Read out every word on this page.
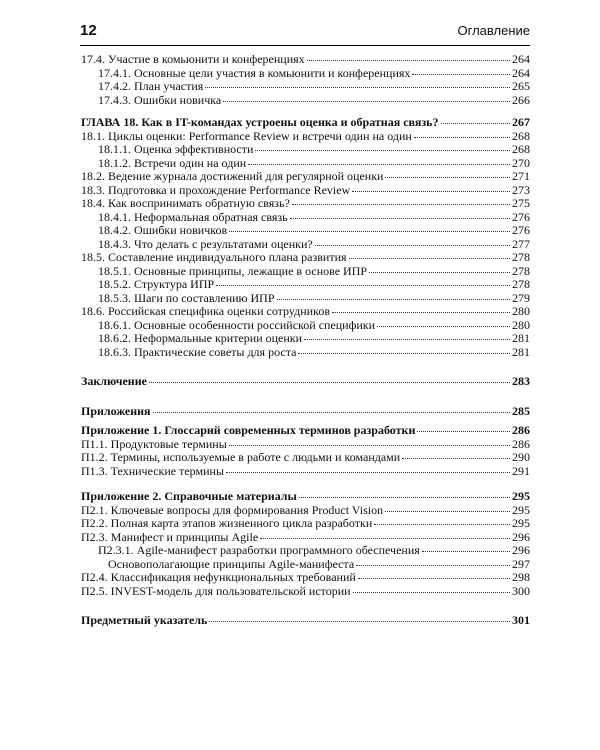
12	Оглавление
17.4. Участие в комьюнити и конференциях	264
17.4.1. Основные цели участия в комьюнити и конференциях	264
17.4.2. План участия	265
17.4.3. Ошибки новичка	266
ГЛАВА 18. Как в IT-командах устроены оценка и обратная связь?	267
18.1. Циклы оценки: Performance Review и встречи один на один	268
18.1.1. Оценка эффективности	268
18.1.2. Встречи один на один	270
18.2. Ведение журнала достижений для регулярной оценки	271
18.3. Подготовка и прохождение Performance Review	273
18.4. Как воспринимать обратную связь?	275
18.4.1. Неформальная обратная связь	276
18.4.2. Ошибки новичков	276
18.4.3. Что делать с результатами оценки?	277
18.5. Составление индивидуального плана развития	278
18.5.1. Основные принципы, лежащие в основе ИПР	278
18.5.2. Структура ИПР	278
18.5.3. Шаги по составлению ИПР	279
18.6. Российская специфика оценки сотрудников	280
18.6.1. Основные особенности российской специфики	280
18.6.2. Неформальные критерии оценки	281
18.6.3. Практические советы для роста	281
Заключение	283
Приложения	285
Приложение 1. Глоссарий современных терминов разработки	286
П1.1. Продуктовые термины	286
П1.2. Термины, используемые в работе с людьми и командами	290
П1.3. Технические термины	291
Приложение 2. Справочные материалы	295
П2.1. Ключевые вопросы для формирования Product Vision	295
П2.2. Полная карта этапов жизненного цикла разработки	295
П2.3. Манифест и принципы Agile	296
П2.3.1. Agile-манифест разработки программного обеспечения	296
Основополагающие принципы Agile-манифеста	297
П2.4. Классификация нефункциональных требований	298
П2.5. INVEST-модель для пользовательской истории	300
Предметный указатель	301
